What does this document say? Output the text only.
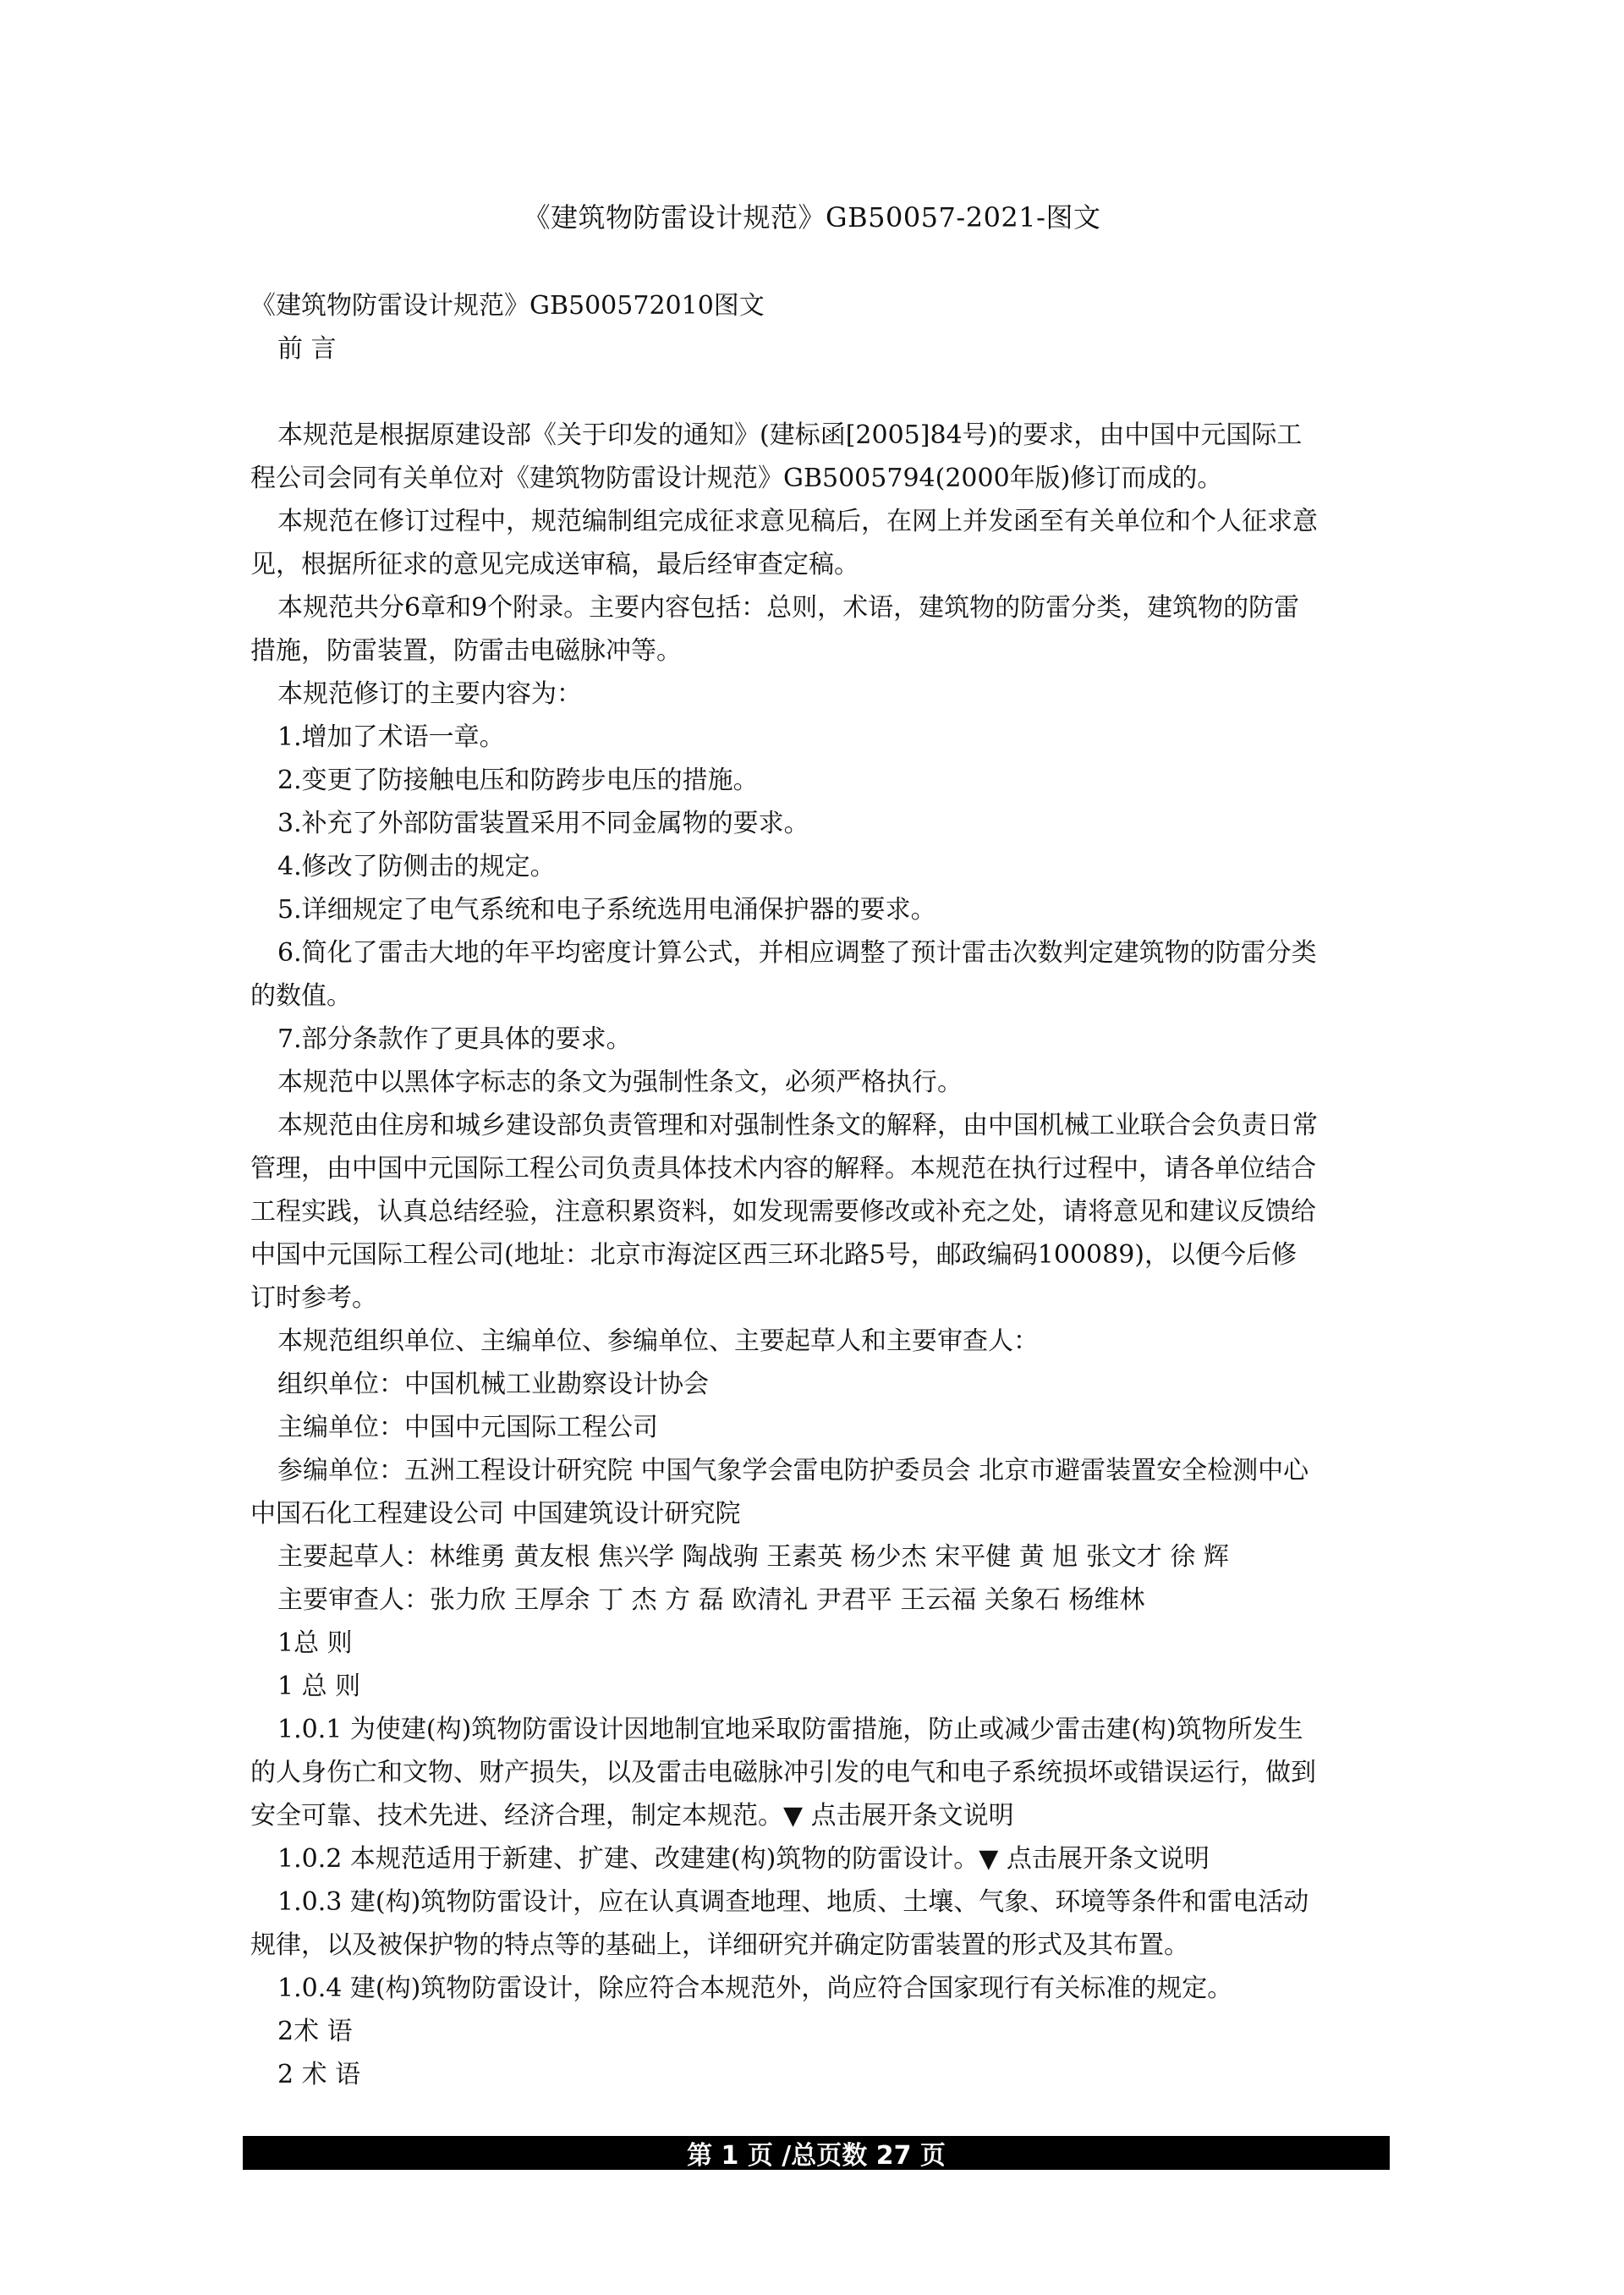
《建筑物防雷设计规范》GB50057-2021-图文

《建筑物防雷设计规范》GB500572010图文

前 言

本规范是根据原建设部《关于印发的通知》(建标函[2005]84号)的要求，由中国中元国际工

程公司会同有关单位对《建筑物防雷设计规范》GB5005794(2000年版)修订而成的。

本规范在修订过程中，规范编制组完成征求意见稿后，在网上并发函至有关单位和个人征求意

见，根据所征求的意见完成送审稿，最后经审查定稿。

本规范共分6章和9个附录。主要内容包括：总则，术语，建筑物的防雷分类，建筑物的防雷

措施，防雷装置，防雷击电磁脉冲等。

本规范修订的主要内容为：

1.增加了术语一章。

2.变更了防接触电压和防跨步电压的措施。

3.补充了外部防雷装置采用不同金属物的要求。

4.修改了防侧击的规定。

5.详细规定了电气系统和电子系统选用电涌保护器的要求。

6.简化了雷击大地的年平均密度计算公式，并相应调整了预计雷击次数判定建筑物的防雷分类

的数值。

7.部分条款作了更具体的要求。

本规范中以黑体字标志的条文为强制性条文，必须严格执行。

本规范由住房和城乡建设部负责管理和对强制性条文的解释，由中国机械工业联合会负责日常

管理，由中国中元国际工程公司负责具体技术内容的解释。本规范在执行过程中，请各单位结合

工程实践，认真总结经验，注意积累资料，如发现需要修改或补充之处，请将意见和建议反馈给

中国中元国际工程公司(地址：北京市海淀区西三环北路5号，邮政编码100089)，以便今后修

订时参考。

本规范组织单位、主编单位、参编单位、主要起草人和主要审查人：

组织单位：中国机械工业勘察设计协会

主编单位：中国中元国际工程公司

参编单位：五洲工程设计研究院 中国气象学会雷电防护委员会 北京市避雷装置安全检测中心

中国石化工程建设公司 中国建筑设计研究院

主要起草人：林维勇 黄友根 焦兴学 陶战驹 王素英 杨少杰 宋平健 黄 旭 张文才 徐 辉

主要审查人：张力欣 王厚余 丁 杰 方 磊 欧清礼 尹君平 王云福 关象石 杨维林

1总 则

1 总 则

1.0.1 为使建(构)筑物防雷设计因地制宜地采取防雷措施，防止或减少雷击建(构)筑物所发生

的人身伤亡和文物、财产损失，以及雷击电磁脉冲引发的电气和电子系统损坏或错误运行，做到

安全可靠、技术先进、经济合理，制定本规范。▼ 点击展开条文说明

1.0.2 本规范适用于新建、扩建、改建建(构)筑物的防雷设计。▼ 点击展开条文说明

1.0.3 建(构)筑物防雷设计，应在认真调查地理、地质、土壤、气象、环境等条件和雷电活动

规律，以及被保护物的特点等的基础上，详细研究并确定防雷装置的形式及其布置。

1.0.4 建(构)筑物防雷设计，除应符合本规范外，尚应符合国家现行有关标准的规定。

2术 语

2 术 语

第 1 页 /总页数 27 页
